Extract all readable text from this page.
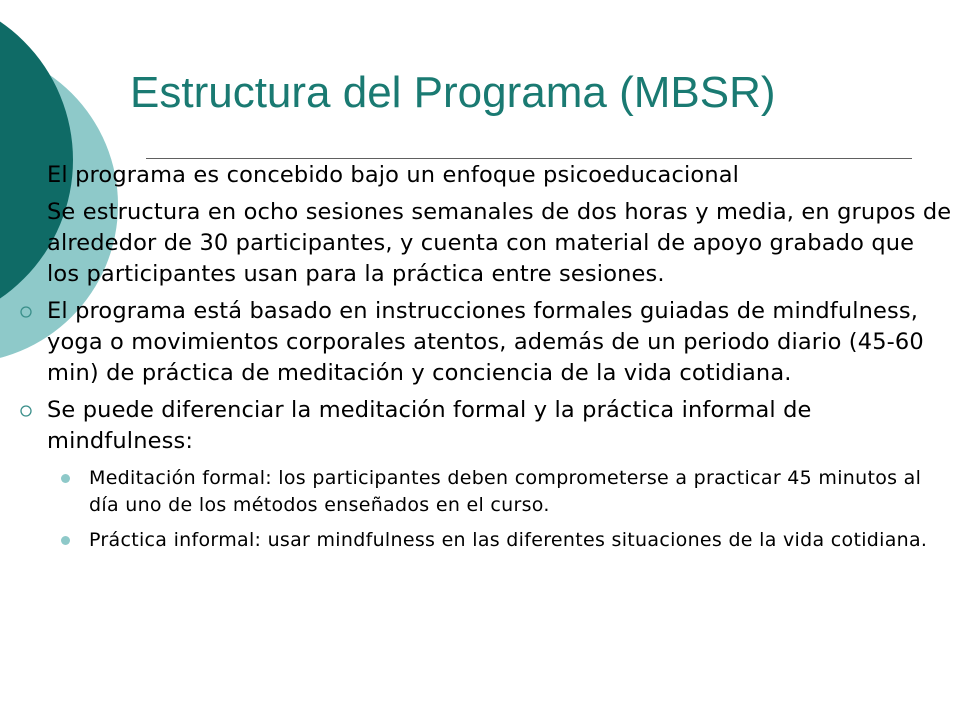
Estructura del Programa (MBSR)
El programa es concebido bajo un enfoque psicoeducacional
Se estructura en ocho sesiones semanales de dos horas y media, en grupos de alrededor de 30 participantes, y cuenta con material de apoyo grabado que los participantes usan para la práctica entre sesiones.
El programa está basado en instrucciones formales guiadas de mindfulness, yoga o movimientos corporales atentos, además de un periodo diario (45-60 min) de práctica de meditación y conciencia de la vida cotidiana.
Se puede diferenciar la meditación formal y la práctica informal de mindfulness:
Meditación formal: los participantes deben comprometerse a practicar 45 minutos al día uno de los métodos enseñados en el curso.
Práctica informal: usar mindfulness en las diferentes situaciones de la vida cotidiana.
